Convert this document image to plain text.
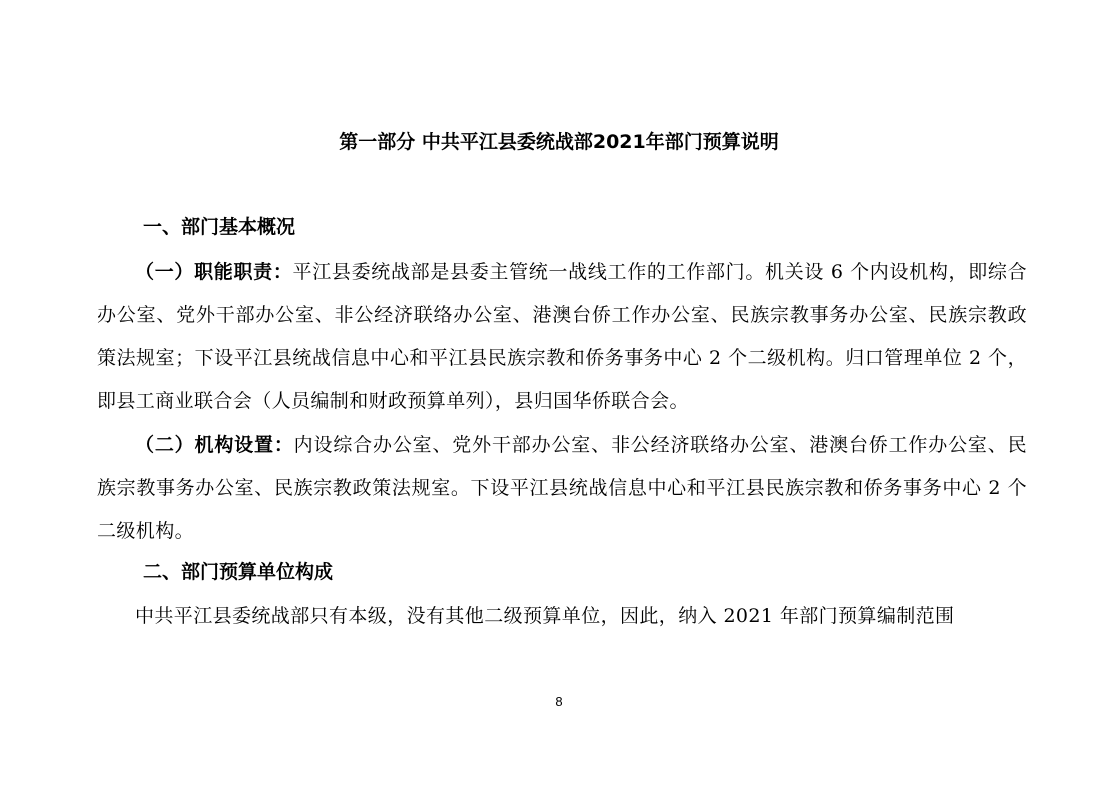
第一部分 中共平江县委统战部2021年部门预算说明
一、部门基本概况
（一）职能职责：平江县委统战部是县委主管统一战线工作的工作部门。机关设 6 个内设机构，即综合办公室、党外干部办公室、非公经济联络办公室、港澳台侨工作办公室、民族宗教事务办公室、民族宗教政策法规室；下设平江县统战信息中心和平江县民族宗教和侨务事务中心 2 个二级机构。归口管理单位 2 个，即县工商业联合会（人员编制和财政预算单列），县归国华侨联合会。
（二）机构设置：内设综合办公室、党外干部办公室、非公经济联络办公室、港澳台侨工作办公室、民族宗教事务办公室、民族宗教政策法规室。下设平江县统战信息中心和平江县民族宗教和侨务事务中心 2 个二级机构。
二、部门预算单位构成
中共平江县委统战部只有本级，没有其他二级预算单位，因此，纳入 2021 年部门预算编制范围
8
